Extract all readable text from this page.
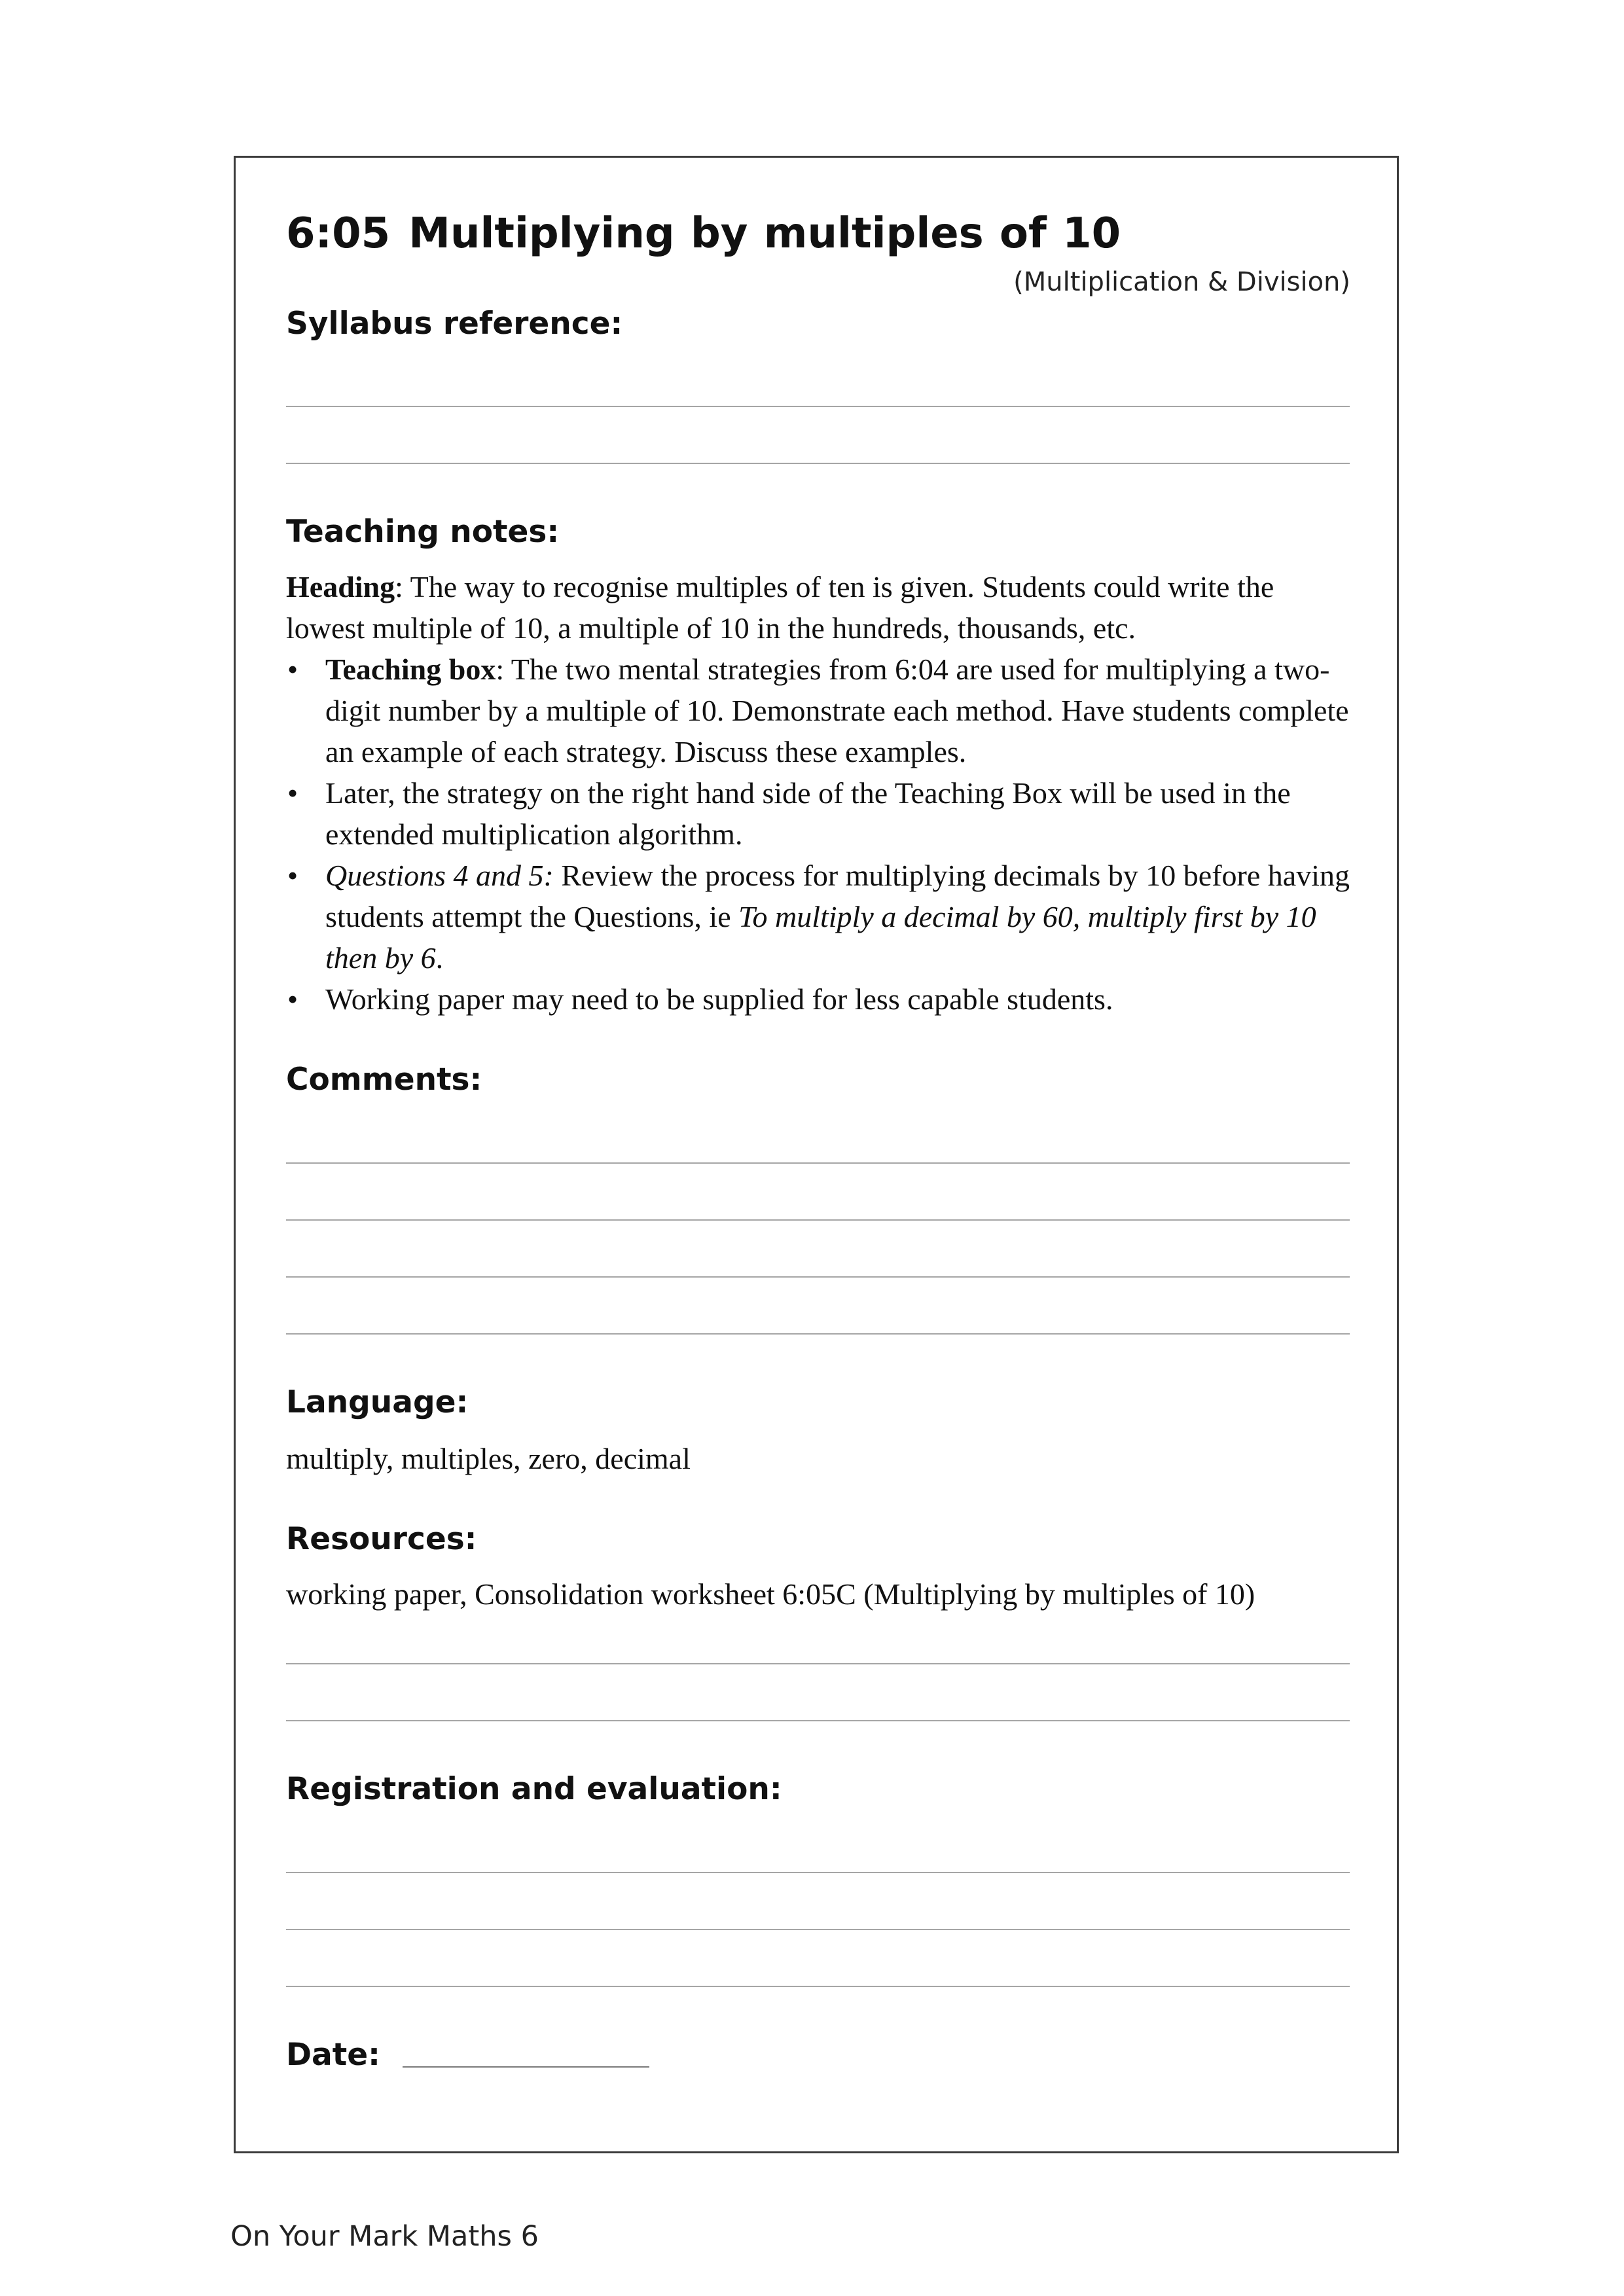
6:05 Multiplying by multiples of 10
(Multiplication & Division)
Syllabus reference:
Teaching notes:

Heading: The way to recognise multiples of ten is given. Students could write the lowest multiple of 10, a multiple of 10 in the hundreds, thousands, etc.

• Teaching box: The two mental strategies from 6:04 are used for multiplying a two-digit number by a multiple of 10. Demonstrate each method. Have students complete an example of each strategy. Discuss these examples.
• Later, the strategy on the right hand side of the Teaching Box will be used in the extended multiplication algorithm.
• Questions 4 and 5: Review the process for multiplying decimals by 10 before having students attempt the Questions, ie To multiply a decimal by 60, multiply first by 10 then by 6.
• Working paper may need to be supplied for less capable students.
Comments:
Language:
multiply, multiples, zero, decimal
Resources:
working paper, Consolidation worksheet 6:05C (Multiplying by multiples of 10)
Registration and evaluation:
Date:
On Your Mark Maths 6
